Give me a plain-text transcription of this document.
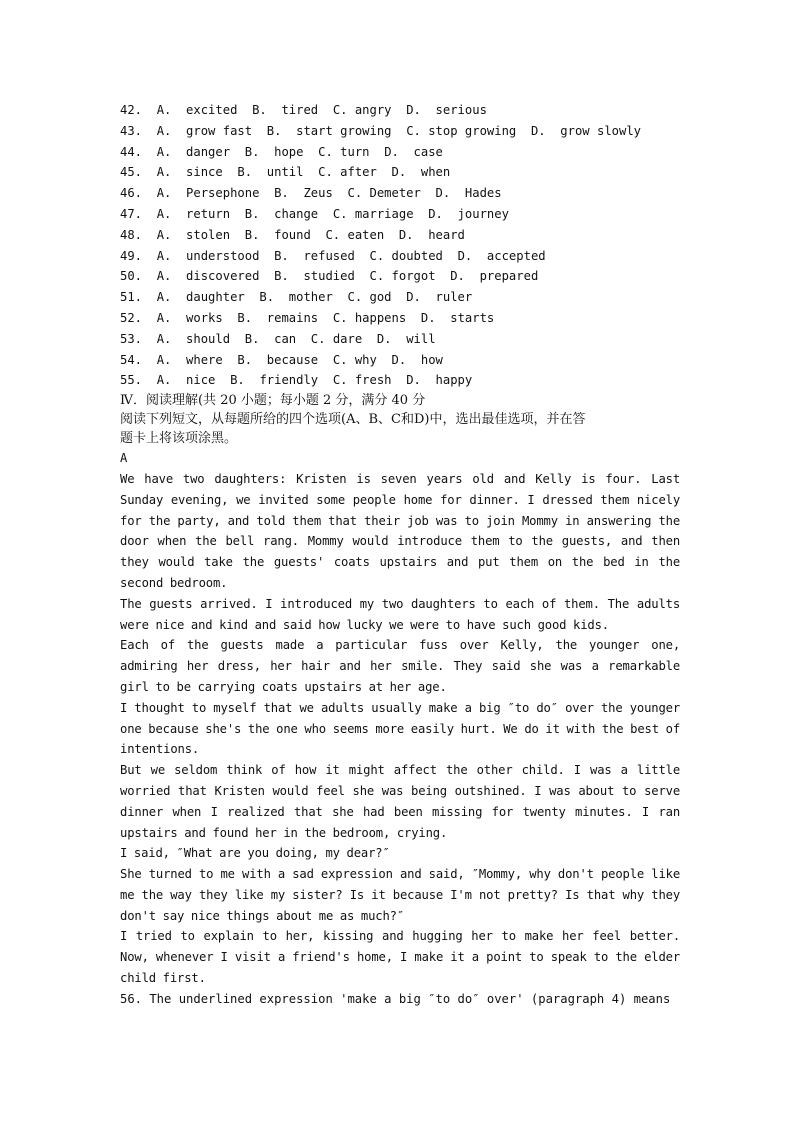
42.  A.  excited  B.  tired  C. angry  D.  serious
43.  A.  grow fast  B.  start growing  C. stop growing  D.  grow slowly
44.  A.  danger  B.  hope  C. turn  D.  case
45.  A.  since  B.  until  C. after  D.  when
46.  A.  Persephone  B.  Zeus  C. Demeter  D.  Hades
47.  A.  return  B.  change  C. marriage  D.  journey
48.  A.  stolen  B.  found  C. eaten  D.  heard
49.  A.  understood  B.  refused  C. doubted  D.  accepted
50.  A.  discovered  B.  studied  C. forgot  D.  prepared
51.  A.  daughter  B.  mother  C. god  D.  ruler
52.  A.  works  B.  remains  C. happens  D.  starts
53.  A.  should  B.  can  C. dare  D.  will
54.  A.  where  B.  because  C. why  D.  how
55.  A.  nice  B.  friendly  C. fresh  D.  happy
Ⅳ．阅读理解(共 20 小题；每小题 2 分，满分 40 分
阅读下列短文，从每题所给的四个选项(A、B、C和D)中，选出最佳选项，并在答
题卡上将该项涂黑。
A

We have two daughters: Kristen is seven years old and Kelly is four. Last Sunday evening, we invited some people home for dinner. I dressed them nicely for the party, and told them that their job was to join Mommy in answering the door when the bell rang. Mommy would introduce them to the guests, and then they would take the guests' coats upstairs and put them on the bed in the second bedroom.

The guests arrived. I introduced my two daughters to each of them. The adults were nice and kind and said how lucky we were to have such good kids.

Each of the guests made a particular fuss over Kelly, the younger one, admiring her dress, her hair and her smile. They said she was a remarkable girl to be carrying coats upstairs at her age.

I thought to myself that we adults usually make a big ″to do″ over the younger one because she's the one who seems more easily hurt. We do it with the best of intentions.

But we seldom think of how it might affect the other child. I was a little worried that Kristen would feel she was being outshined. I was about to serve dinner when I realized that she had been missing for twenty minutes. I ran upstairs and found her in the bedroom, crying.

I said, ″What are you doing, my dear?″

She turned to me with a sad expression and said, ″Mommy, why don't people like me the way they like my sister? Is it because I'm not pretty? Is that why they don't say nice things about me as much?″

I tried to explain to her, kissing and hugging her to make her feel better. Now, whenever I visit a friend's home, I make it a point to speak to the elder child first.

56. The underlined expression 'make a big ″to do″ over' (paragraph 4) means
